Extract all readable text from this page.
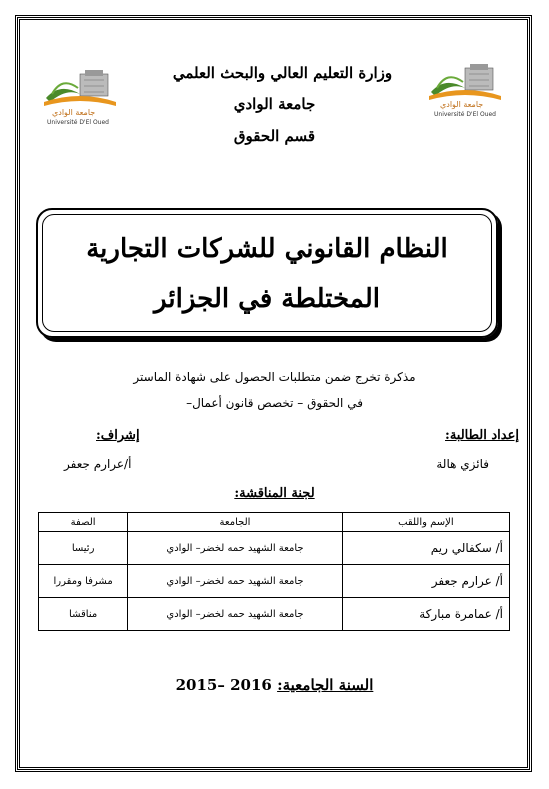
جامعة الوادي
Université D'El Oued
جامعة الوادي
Université D'El Oued
وزارة التعليم العالي والبحث العلمي
جامعة الوادي
قسم الحقوق
النظام القانوني للشركات التجارية المختلطة في الجزائر
مذكرة تخرج ضمن متطلبات الحصول على شهادة الماستر
في الحقوق – تخصص قانون أعمال–
إعداد الطالبة:
إشراف:
فائزي هالة
أ/عرارم جعفر
لجنة المناقشة:
الإسم واللقب	الجامعة	الصفة
أ/ سكفالي ريم	جامعة الشهيد حمه لخضر– الوادي	رئيسا
أ/ عرارم جعفر	جامعة الشهيد حمه لخضر– الوادي	مشرفا ومقررا
أ/ عمامرة مباركة	جامعة الشهيد حمه لخضر– الوادي	مناقشا
السنة الجامعية: 2015– 2016
